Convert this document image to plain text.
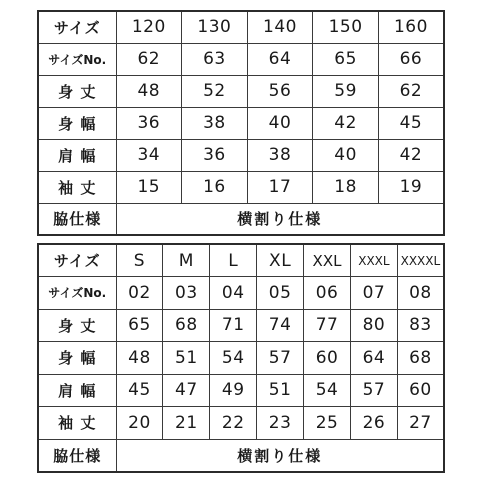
サイズ	120	130	140	150	160
サイズNo.	62	63	64	65	66
身 丈	48	52	56	59	62
身 幅	36	38	40	42	45
肩 幅	34	36	38	40	42
袖 丈	15	16	17	18	19
脇仕様	横割り仕様				
サイズ	S	M	L	XL	XXL	XXXL	XXXXL
サイズNo.	02	03	04	05	06	07	08
身 丈	65	68	71	74	77	80	83
身 幅	48	51	54	57	60	64	68
肩 幅	45	47	49	51	54	57	60
袖 丈	20	21	22	23	25	26	27
脇仕様	横割り仕様						
